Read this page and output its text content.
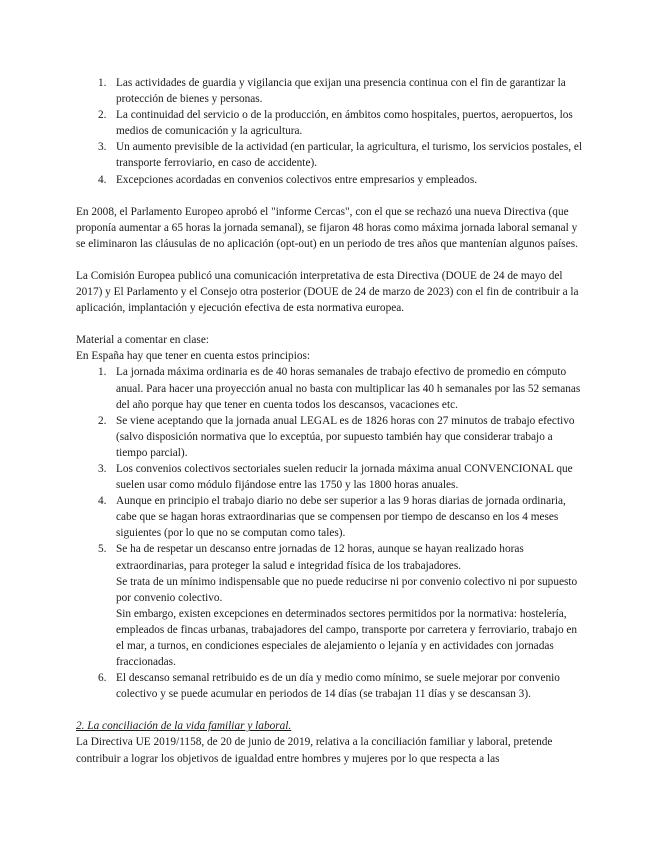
1. Las actividades de guardia y vigilancia que exijan una presencia continua con el fin de garantizar la protección de bienes y personas.
2. La continuidad del servicio o de la producción, en ámbitos como hospitales, puertos, aeropuertos, los medios de comunicación y la agricultura.
3. Un aumento previsible de la actividad (en particular, la agricultura, el turismo, los servicios postales, el transporte ferroviario, en caso de accidente).
4. Excepciones acordadas en convenios colectivos entre empresarios y empleados.

En 2008, el Parlamento Europeo aprobó el "informe Cercas", con el que se rechazó una nueva Directiva (que proponía aumentar a 65 horas la jornada semanal), se fijaron 48 horas como máxima jornada laboral semanal y se eliminaron las cláusulas de no aplicación (opt-out) en un periodo de tres años que mantenían algunos países.

La Comisión Europea publicó una comunicación interpretativa de esta Directiva (DOUE de 24 de mayo del 2017) y El Parlamento y el Consejo otra posterior (DOUE de 24 de marzo de 2023) con el fin de contribuir a la aplicación, implantación y ejecución efectiva de esta normativa europea.

Material a comentar en clase:

En España hay que tener en cuenta estos principios:

1. La jornada máxima ordinaria es de 40 horas semanales de trabajo efectivo de promedio en cómputo anual. Para hacer una proyección anual no basta con multiplicar las 40 h semanales por las 52 semanas del año porque hay que tener en cuenta todos los descansos, vacaciones etc.
2. Se viene aceptando que la jornada anual LEGAL es de 1826 horas con 27 minutos de trabajo efectivo (salvo disposición normativa que lo exceptúa, por supuesto también hay que considerar trabajo a tiempo parcial).
3. Los convenios colectivos sectoriales suelen reducir la jornada máxima anual CONVENCIONAL que suelen usar como módulo fijándose entre las 1750 y las 1800 horas anuales.
4. Aunque en principio el trabajo diario no debe ser superior a las 9 horas diarias de jornada ordinaria, cabe que se hagan horas extraordinarias que se compensen por tiempo de descanso en los 4 meses siguientes (por lo que no se computan como tales).
5. Se ha de respetar un descanso entre jornadas de 12 horas, aunque se hayan realizado horas extraordinarias, para proteger la salud e integridad física de los trabajadores.
Se trata de un mínimo indispensable que no puede reducirse ni por convenio colectivo ni por supuesto por convenio colectivo.
Sin embargo, existen excepciones en determinados sectores permitidos por la normativa: hostelería, empleados de fincas urbanas, trabajadores del campo, transporte por carretera y ferroviario, trabajo en el mar, a turnos, en condiciones especiales de alejamiento o lejanía y en actividades con jornadas fraccionadas.
6. El descanso semanal retribuido es de un día y medio como mínimo, se suele mejorar por convenio colectivo y se puede acumular en periodos de 14 días (se trabajan 11 días y se descansan 3).

2. La conciliación de la vida familiar y laboral.

La Directiva UE 2019/1158, de 20 de junio de 2019, relativa a la conciliación familiar y laboral, pretende contribuir a lograr los objetivos de igualdad entre hombres y mujeres por lo que respecta a las
